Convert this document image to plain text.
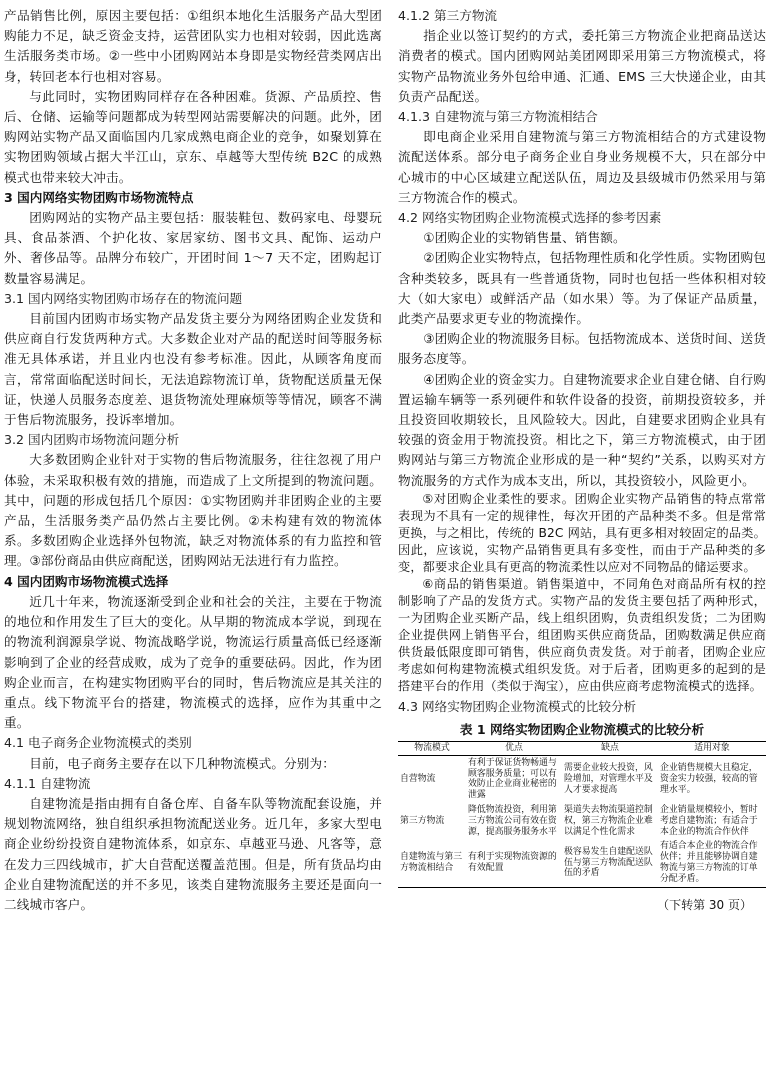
产品销售比例，原因主要包括：①组织本地化生活服务产品大型团购能力不足，缺乏资金支持，运营团队实力也相对较弱，因此选离生活服务类市场。②一些中小团购网站本身即是实物经营类网店出身，转回老本行也相对容易。
与此同时，实物团购同样存在各种困难。货源、产品质控、售后、仓储、运输等问题都成为转型网站需要解决的问题。此外，团购网站实物产品又面临国内几家成熟电商企业的竞争，如聚划算在实物团购领域占据大半江山，京东、卓越等大型传统 B2C 的成熟模式也带来较大冲击。
3 国内网络实物团购市场物流特点
团购网站的实物产品主要包括：服装鞋包、数码家电、母婴玩具、食品茶酒、个护化妆、家居家纺、图书文具、配饰、运动户外、奢侈品等。品牌分布较广，开团时间 1～7 天不定，团购起订数量容易满足。
3.1 国内网络实物团购市场存在的物流问题
目前国内团购市场实物产品发货主要分为网络团购企业发货和供应商自行发货两种方式。大多数企业对产品的配送时间等服务标准无具体承诺，并且业内也没有参考标准。因此，从顾客角度而言，常常面临配送时间长，无法追踪物流订单，货物配送质量无保证，快递人员服务态度差、退货物流处理麻烦等等情况，顾客不满于售后物流服务，投诉率增加。
3.2 国内团购市场物流问题分析
大多数团购企业针对于实物的售后物流服务，往往忽视了用户体验，未采取积极有效的措施，而造成了上文所提到的物流问题。其中，问题的形成包括几个原因：①实物团购并非团购企业的主要产品，生活服务类产品仍然占主要比例。②未构建有效的物流体系。多数团购企业选择外包物流，缺乏对物流体系的有力监控和管理。③部份商品由供应商配送，团购网站无法进行有力监控。
4 国内团购市场物流模式选择
近几十年来，物流逐渐受到企业和社会的关注，主要在于物流的地位和作用发生了巨大的变化。从早期的物流成本学说，到现在的物流利润源泉学说、物流战略学说，物流运行质量高低已经逐渐影响到了企业的经营成败，成为了竞争的重要砝码。因此，作为团购企业而言，在构建实物团购平台的同时，售后物流应是其关注的重点。线下物流平台的搭建，物流模式的选择，应作为其重中之重。
4.1 电子商务企业物流模式的类别
目前，电子商务主要存在以下几种物流模式。分别为：
4.1.1 自建物流
自建物流是指由拥有自备仓库、自备车队等物流配套设施，并规划物流网络，独自组织承担物流配送业务。近几年，多家大型电商企业纷纷投资自建物流体系，如京东、卓越亚马逊、凡客等，意在发力三四线城市，扩大自营配送覆盖范围。但是，所有货品均由企业自建物流配送的并不多见，该类自建物流服务主要还是面向一二线城市客户。
4.1.2 第三方物流
指企业以签订契约的方式，委托第三方物流企业把商品送达消费者的模式。国内团购网站美团网即采用第三方物流模式，将实物产品物流业务外包给申通、汇通、EMS 三大快递企业，由其负责产品配送。
4.1.3 自建物流与第三方物流相结合
即电商企业采用自建物流与第三方物流相结合的方式建设物流配送体系。部分电子商务企业自身业务规模不大，只在部分中心城市的中心区域建立配送队伍，周边及县级城市仍然采用与第三方物流合作的模式。
4.2 网络实物团购企业物流模式选择的参考因素
①团购企业的实物销售量、销售额。
②团购企业实物特点，包括物理性质和化学性质。实物团购包含种类较多，既具有一些普通货物，同时也包括一些体积相对较大（如大家电）或鲜活产品（如水果）等。为了保证产品质量，此类产品要求更专业的物流操作。
③团购企业的物流服务目标。包括物流成本、送货时间、送货服务态度等。
④团购企业的资金实力。自建物流要求企业自建仓储、自行购置运输车辆等一系列硬件和软件设备的投资，前期投资较多，并且投资回收期较长，且风险较大。因此，自建要求团购企业具有较强的资金用于物流投资。相比之下，第三方物流模式，由于团购网站与第三方物流企业形成的是一种“契约”关系，以购买对方物流服务的方式作为成本支出，所以，其投资较小，风险更小。
⑤对团购企业柔性的要求。团购企业实物产品销售的特点常常表现为不具有一定的规律性，每次开团的产品种类不多。但是常常更换，与之相比，传统的 B2C 网站，具有更多相对较固定的品类。因此，应该说，实物产品销售更具有多变性，而由于产品种类的多变，都要求企业具有更高的物流柔性以应对不同物品的储运要求。
⑥商品的销售渠道。销售渠道中，不同角色对商品所有权的控制影响了产品的发货方式。实物产品的发货主要包括了两种形式，一为团购企业买断产品，线上组织团购，负责组织发货；二为团购企业提供网上销售平台，组团购买供应商货品，团购数满足供应商供货最低限度即可销售，供应商负责发货。对于前者，团购企业应考虑如何构建物流模式组织发货。对于后者，团购更多的起到的是搭建平台的作用（类似于淘宝），应由供应商考虑物流模式的选择。
4.3 网络实物团购企业物流模式的比较分析
表 1 网络实物团购企业物流模式的比较分析
物流模式	优点	缺点	适用对象
自营物流	有利于保证货物畅通与顾客服务质量；可以有效防止企业商业秘密的泄露	需要企业较大投资，风险增加，对管理水平及人才要求提高	企业销售规模大且稳定，资金实力较强，较高的管理水平。
第三方物流	降低物流投资，利用第三方物流公司有效在资源，提高服务服务水平	渠道失去物流渠道控制权，第三方物流企业难以满足个性化需求	企业销量规模较小，暂时考虑自建物流；有适合于本企业的物流合作伙伴
自建物流与第三方物流相结合	有利于实现物流资源的有效配置	极容易发生自建配送队伍与第三方物流配送队伍的矛盾	有适合本企业的物流合作伙伴；并且能够协调自建物流与第三方物流的订单分配矛盾。
（下转第 30 页）
